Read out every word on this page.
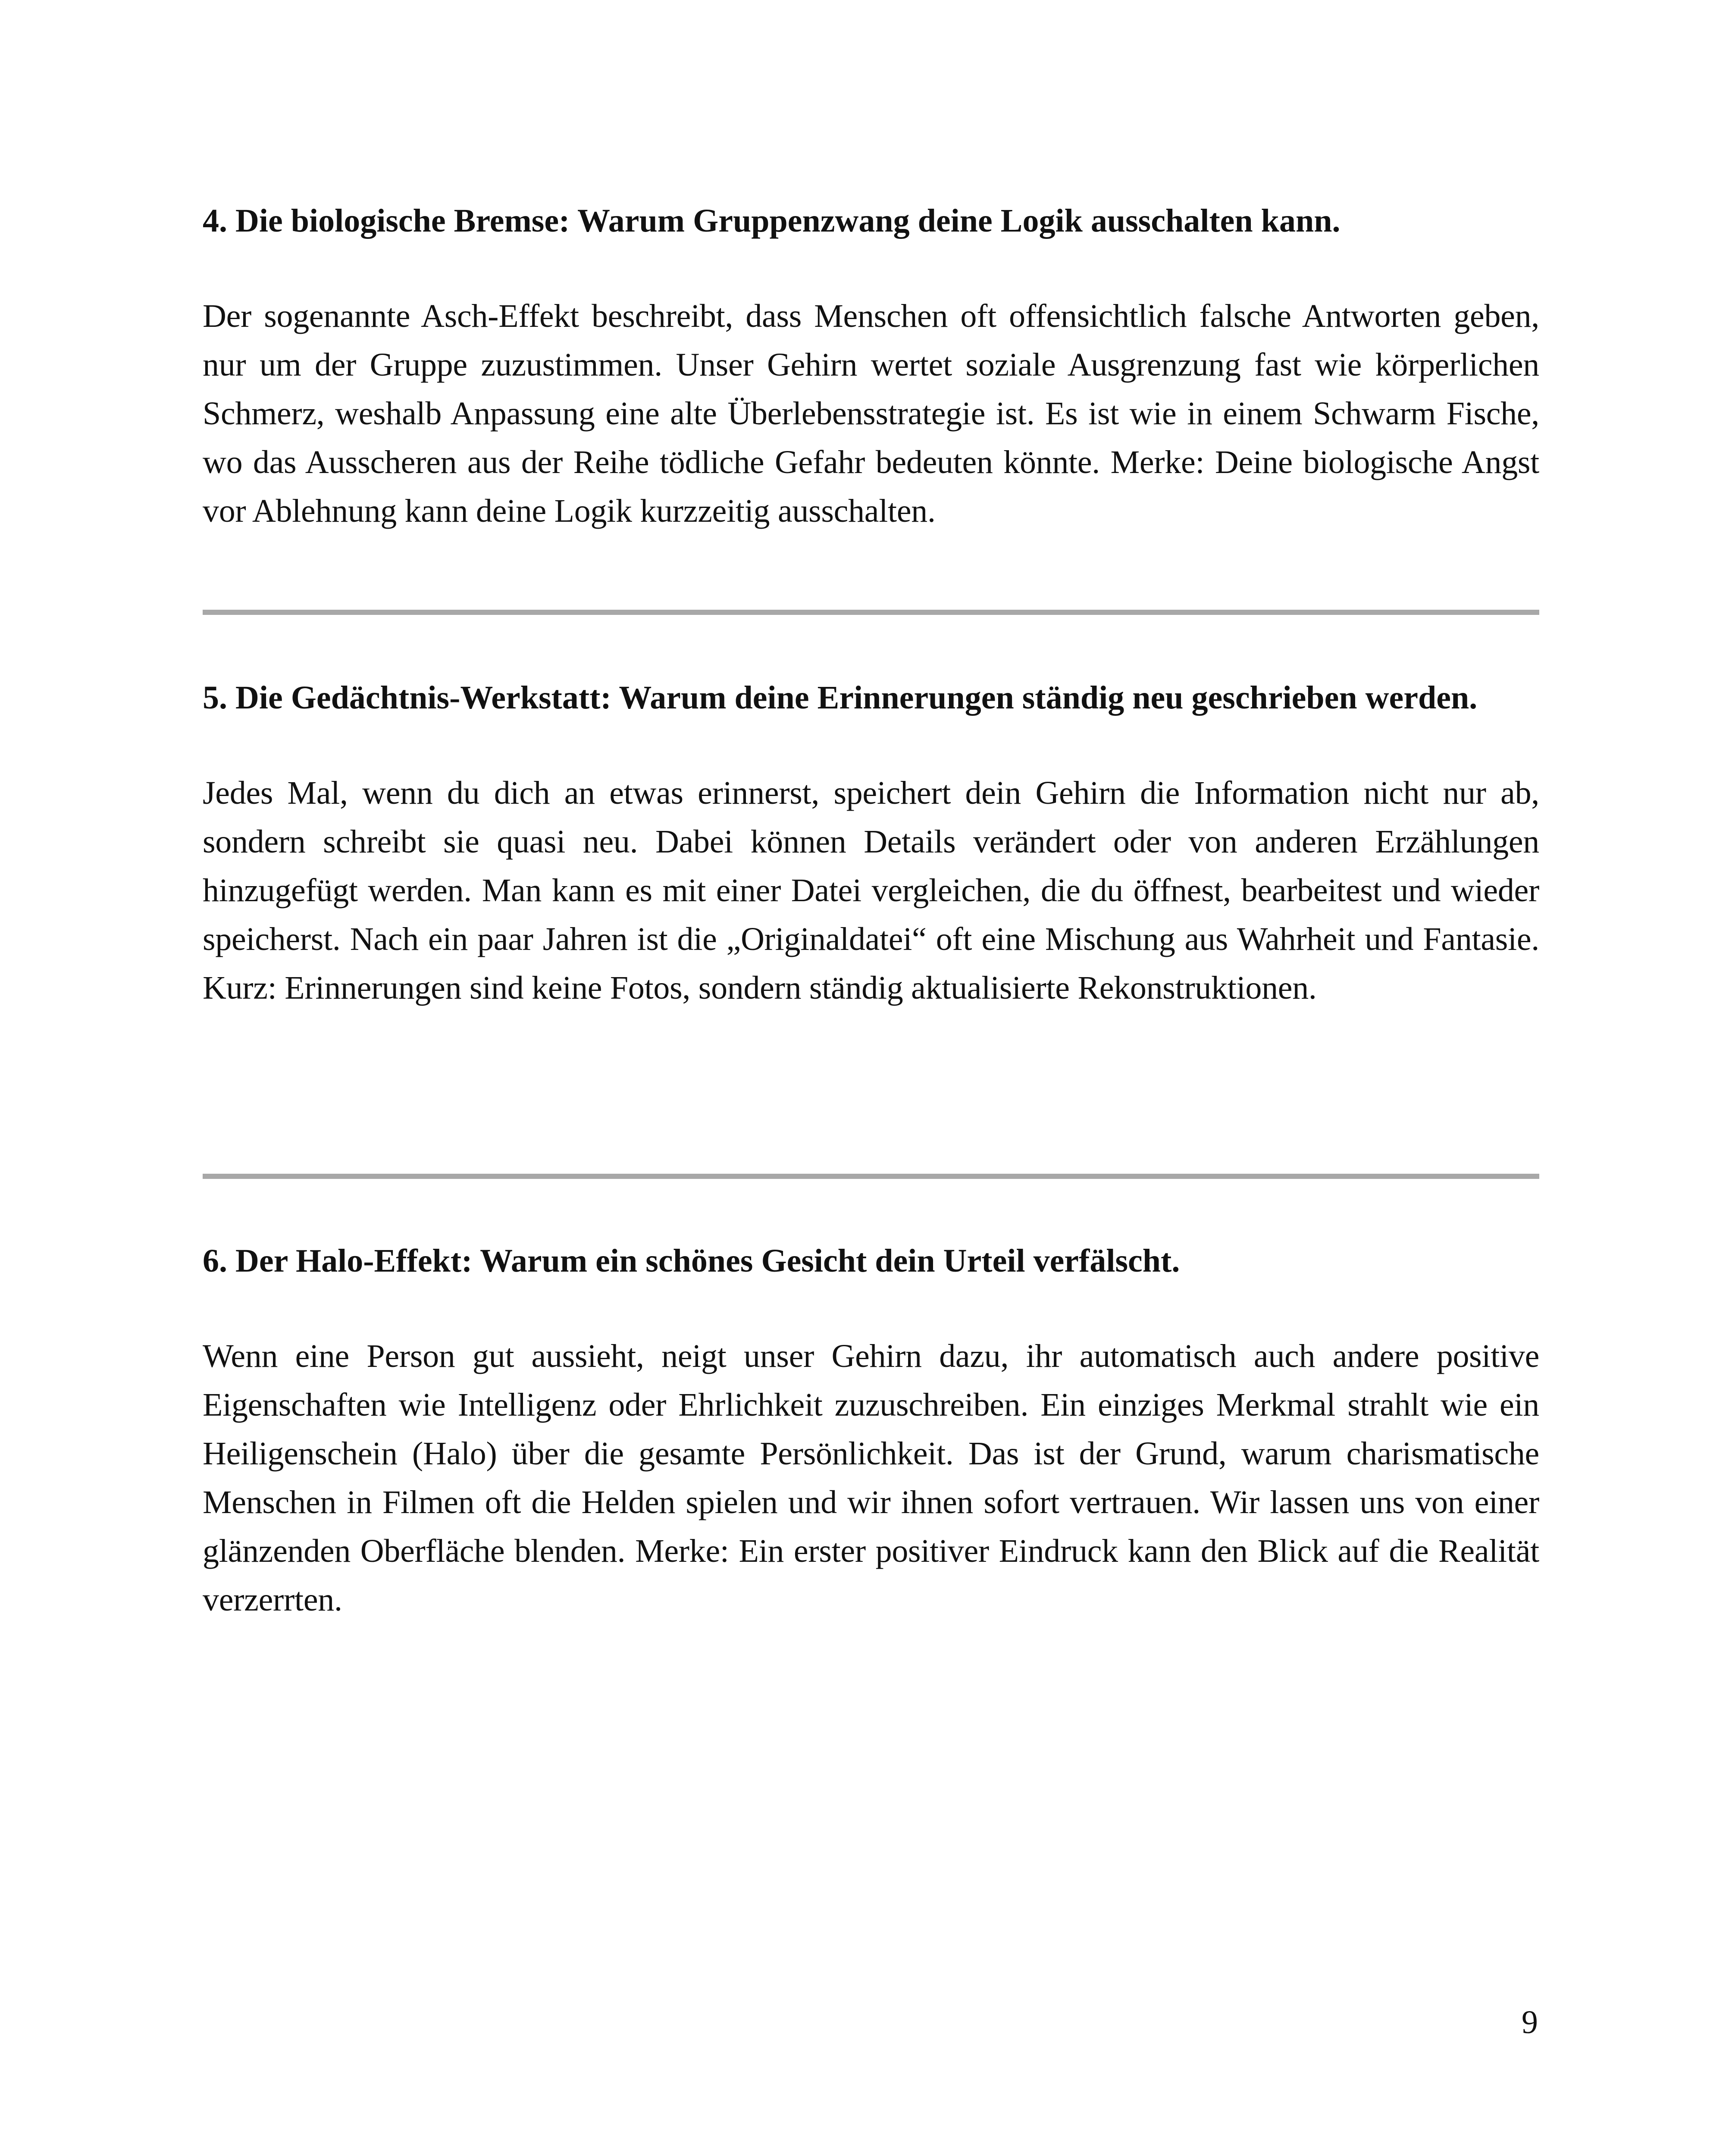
4. Die biologische Bremse: Warum Gruppenzwang deine Logik ausschalten kann.

Der sogenannte Asch-Effekt beschreibt, dass Menschen oft offensichtlich falsche Antworten geben, nur um der Gruppe zuzustimmen. Unser Gehirn wertet soziale Ausgrenzung fast wie körperlichen Schmerz, weshalb Anpassung eine alte Überlebensstrategie ist. Es ist wie in einem Schwarm Fische, wo das Ausscheren aus der Reihe tödliche Gefahr bedeuten könnte. Merke: Deine biologische Angst vor Ablehnung kann deine Logik kurzzeitig ausschalten.

5. Die Gedächtnis-Werkstatt: Warum deine Erinnerungen ständig neu geschrieben werden.

Jedes Mal, wenn du dich an etwas erinnerst, speichert dein Gehirn die Information nicht nur ab, sondern schreibt sie quasi neu. Dabei können Details verändert oder von anderen Erzählungen hinzugefügt werden. Man kann es mit einer Datei vergleichen, die du öffnest, bearbeitest und wieder speicherst. Nach ein paar Jahren ist die „Originaldatei“ oft eine Mischung aus Wahrheit und Fantasie. Kurz: Erinnerungen sind keine Fotos, sondern ständig aktualisierte Rekonstruktionen.

6. Der Halo-Effekt: Warum ein schönes Gesicht dein Urteil verfälscht.

Wenn eine Person gut aussieht, neigt unser Gehirn dazu, ihr automatisch auch andere positive Eigenschaften wie Intelligenz oder Ehrlichkeit zuzuschreiben. Ein einziges Merkmal strahlt wie ein Heiligenschein (Halo) über die gesamte Persönlichkeit. Das ist der Grund, warum charismatische Menschen in Filmen oft die Helden spielen und wir ihnen sofort vertrauen. Wir lassen uns von einer glänzenden Oberfläche blenden. Merke: Ein erster positiver Eindruck kann den Blick auf die Realität verzerrten.

9
